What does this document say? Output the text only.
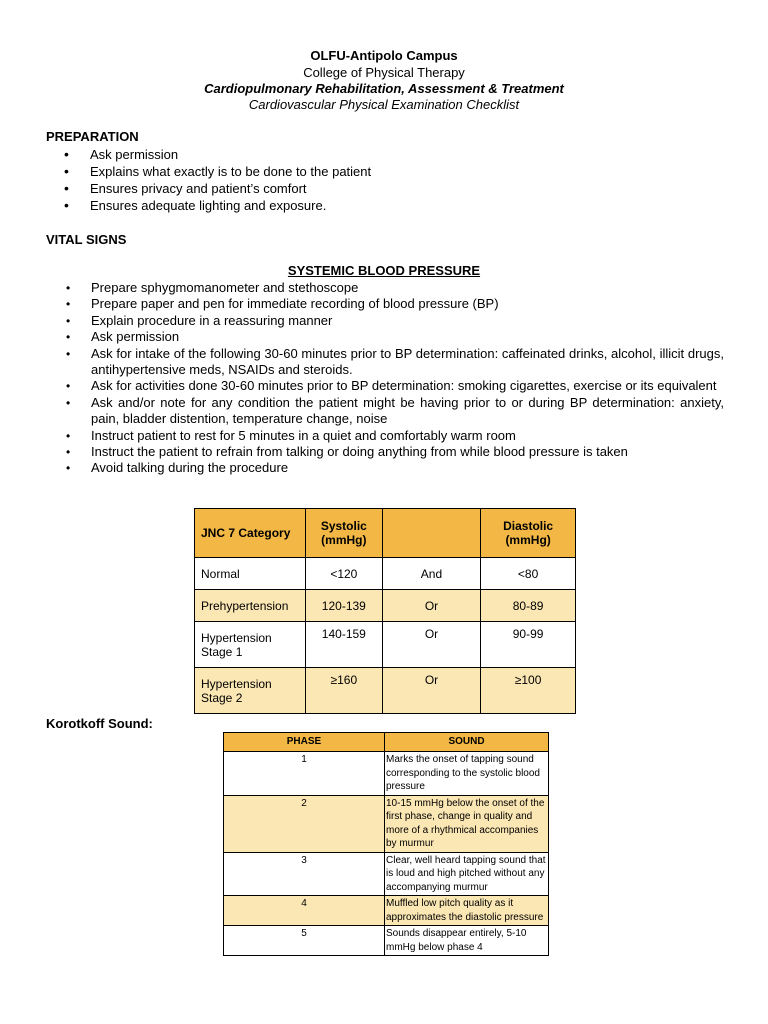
OLFU-Antipolo Campus
College of Physical Therapy
Cardiopulmonary Rehabilitation, Assessment & Treatment
Cardiovascular Physical Examination Checklist
PREPARATION
• Ask permission
• Explains what exactly is to be done to the patient
• Ensures privacy and patient’s comfort
• Ensures adequate lighting and exposure.
VITAL SIGNS
SYSTEMIC BLOOD PRESSURE
• Prepare sphygmomanometer and stethoscope
• Prepare paper and pen for immediate recording of blood pressure (BP)
• Explain procedure in a reassuring manner
• Ask permission
• Ask for intake of the following 30-60 minutes prior to BP determination: caffeinated drinks, alcohol, illicit drugs, antihypertensive meds, NSAIDs and steroids.
• Ask for activities done 30-60 minutes prior to BP determination: smoking cigarettes, exercise or its equivalent
• Ask and/or note for any condition the patient might be having prior to or during BP determination: anxiety, pain, bladder distention, temperature change, noise
• Instruct patient to rest for 5 minutes in a quiet and comfortably warm room
• Instruct the patient to refrain from talking or doing anything from while blood pressure is taken
• Avoid talking during the procedure
JNC 7 Category	Systolic (mmHg)		Diastolic (mmHg)
Normal	<120	And	<80
Prehypertension	120-139	Or	80-89
Hypertension Stage 1	140-159	Or	90-99
Hypertension Stage 2	≥160	Or	≥100
Korotkoff Sound:
PHASE	SOUND
1	Marks the onset of tapping sound corresponding to the systolic blood pressure
2	10-15 mmHg below the onset of the first phase, change in quality and more of a rhythmical accompanies by murmur
3	Clear, well heard tapping sound that is loud and high pitched without any accompanying murmur
4	Muffled low pitch quality as it approximates the diastolic pressure
5	Sounds disappear entirely, 5-10 mmHg below phase 4
